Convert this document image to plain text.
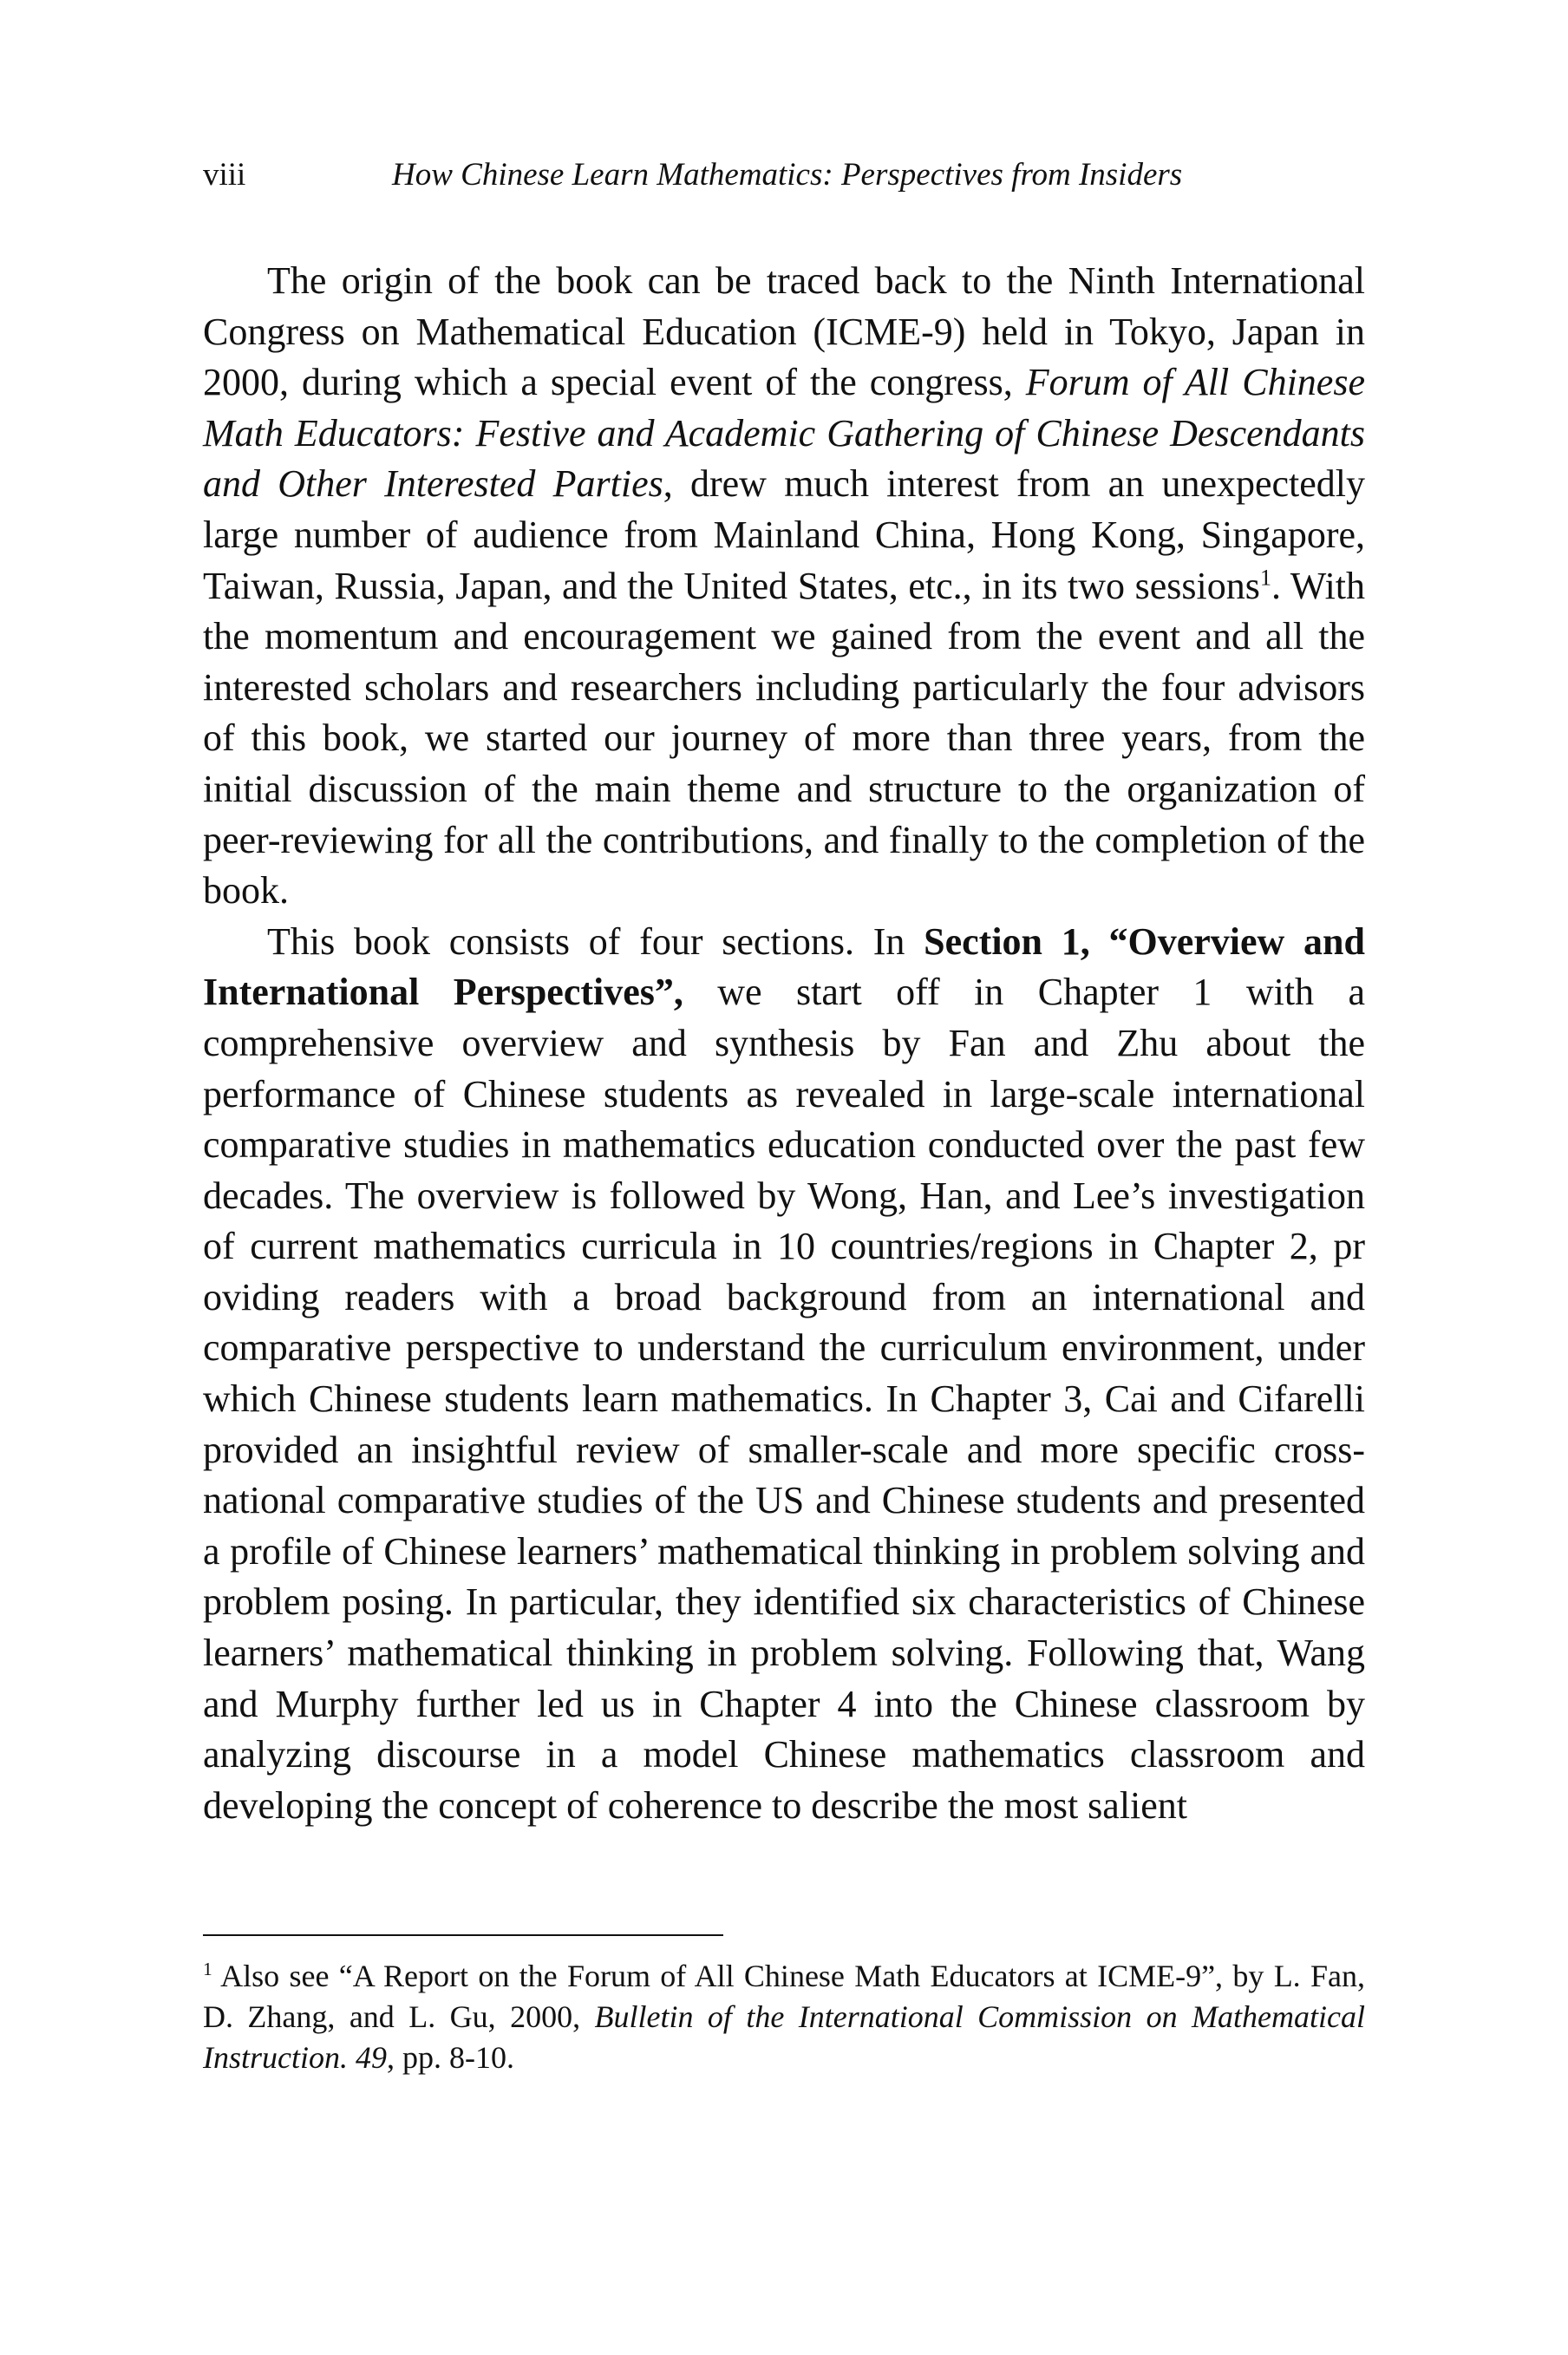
viii	How Chinese Learn Mathematics: Perspectives from Insiders

The origin of the book can be traced back to the Ninth International Congress on Mathematical Education (ICME-9) held in Tokyo, Japan in 2000, during which a special event of the congress, Forum of All Chinese Math Educators: Festive and Academic Gathering of Chinese Descendants and Other Interested Parties, drew much interest from an unexpectedly large number of audience from Mainland China, Hong Kong, Singapore, Taiwan, Russia, Japan, and the United States, etc., in its two sessions$^1$. With the momentum and encouragement we gained from the event and all the interested scholars and researchers including particularly the four advisors of this book, we started our journey of more than three years, from the initial discussion of the main theme and structure to the organization of peer-reviewing for all the contributions, and finally to the completion of the book.

This book consists of four sections. In Section 1, “Overview and International Perspectives”, we start off in Chapter 1 with a comprehensive overview and synthesis by Fan and Zhu about the performance of Chinese students as revealed in large-scale international comparative studies in mathematics education conducted over the past few decades. The overview is followed by Wong, Han, and Lee’s investigation of current mathematics curricula in 10 countries/regions in Chapter 2, pr oviding readers with a broad background from an international and comparative perspective to understand the curriculum environment, under which Chinese students learn mathematics. In Chapter 3, Cai and Cifarelli provided an insightful review of smaller-scale and more specific cross-national comparative studies of the US and Chinese students and presented a profile of Chinese learners’ mathematical thinking in problem solving and problem posing. In particular, they identified six characteristics of Chinese learners’ mathematical thinking in problem solving. Following that, Wang and Murphy further led us in Chapter 4 into the Chinese classroom by analyzing discourse in a model Chinese mathematics classroom and developing the concept of coherence to describe the most salient

$^1$ Also see “A Report on the Forum of All Chinese Math Educators at ICME-9”, by L. Fan, D. Zhang, and L. Gu, 2000, Bulletin of the International Commission on Mathematical Instruction. 49, pp. 8-10.
